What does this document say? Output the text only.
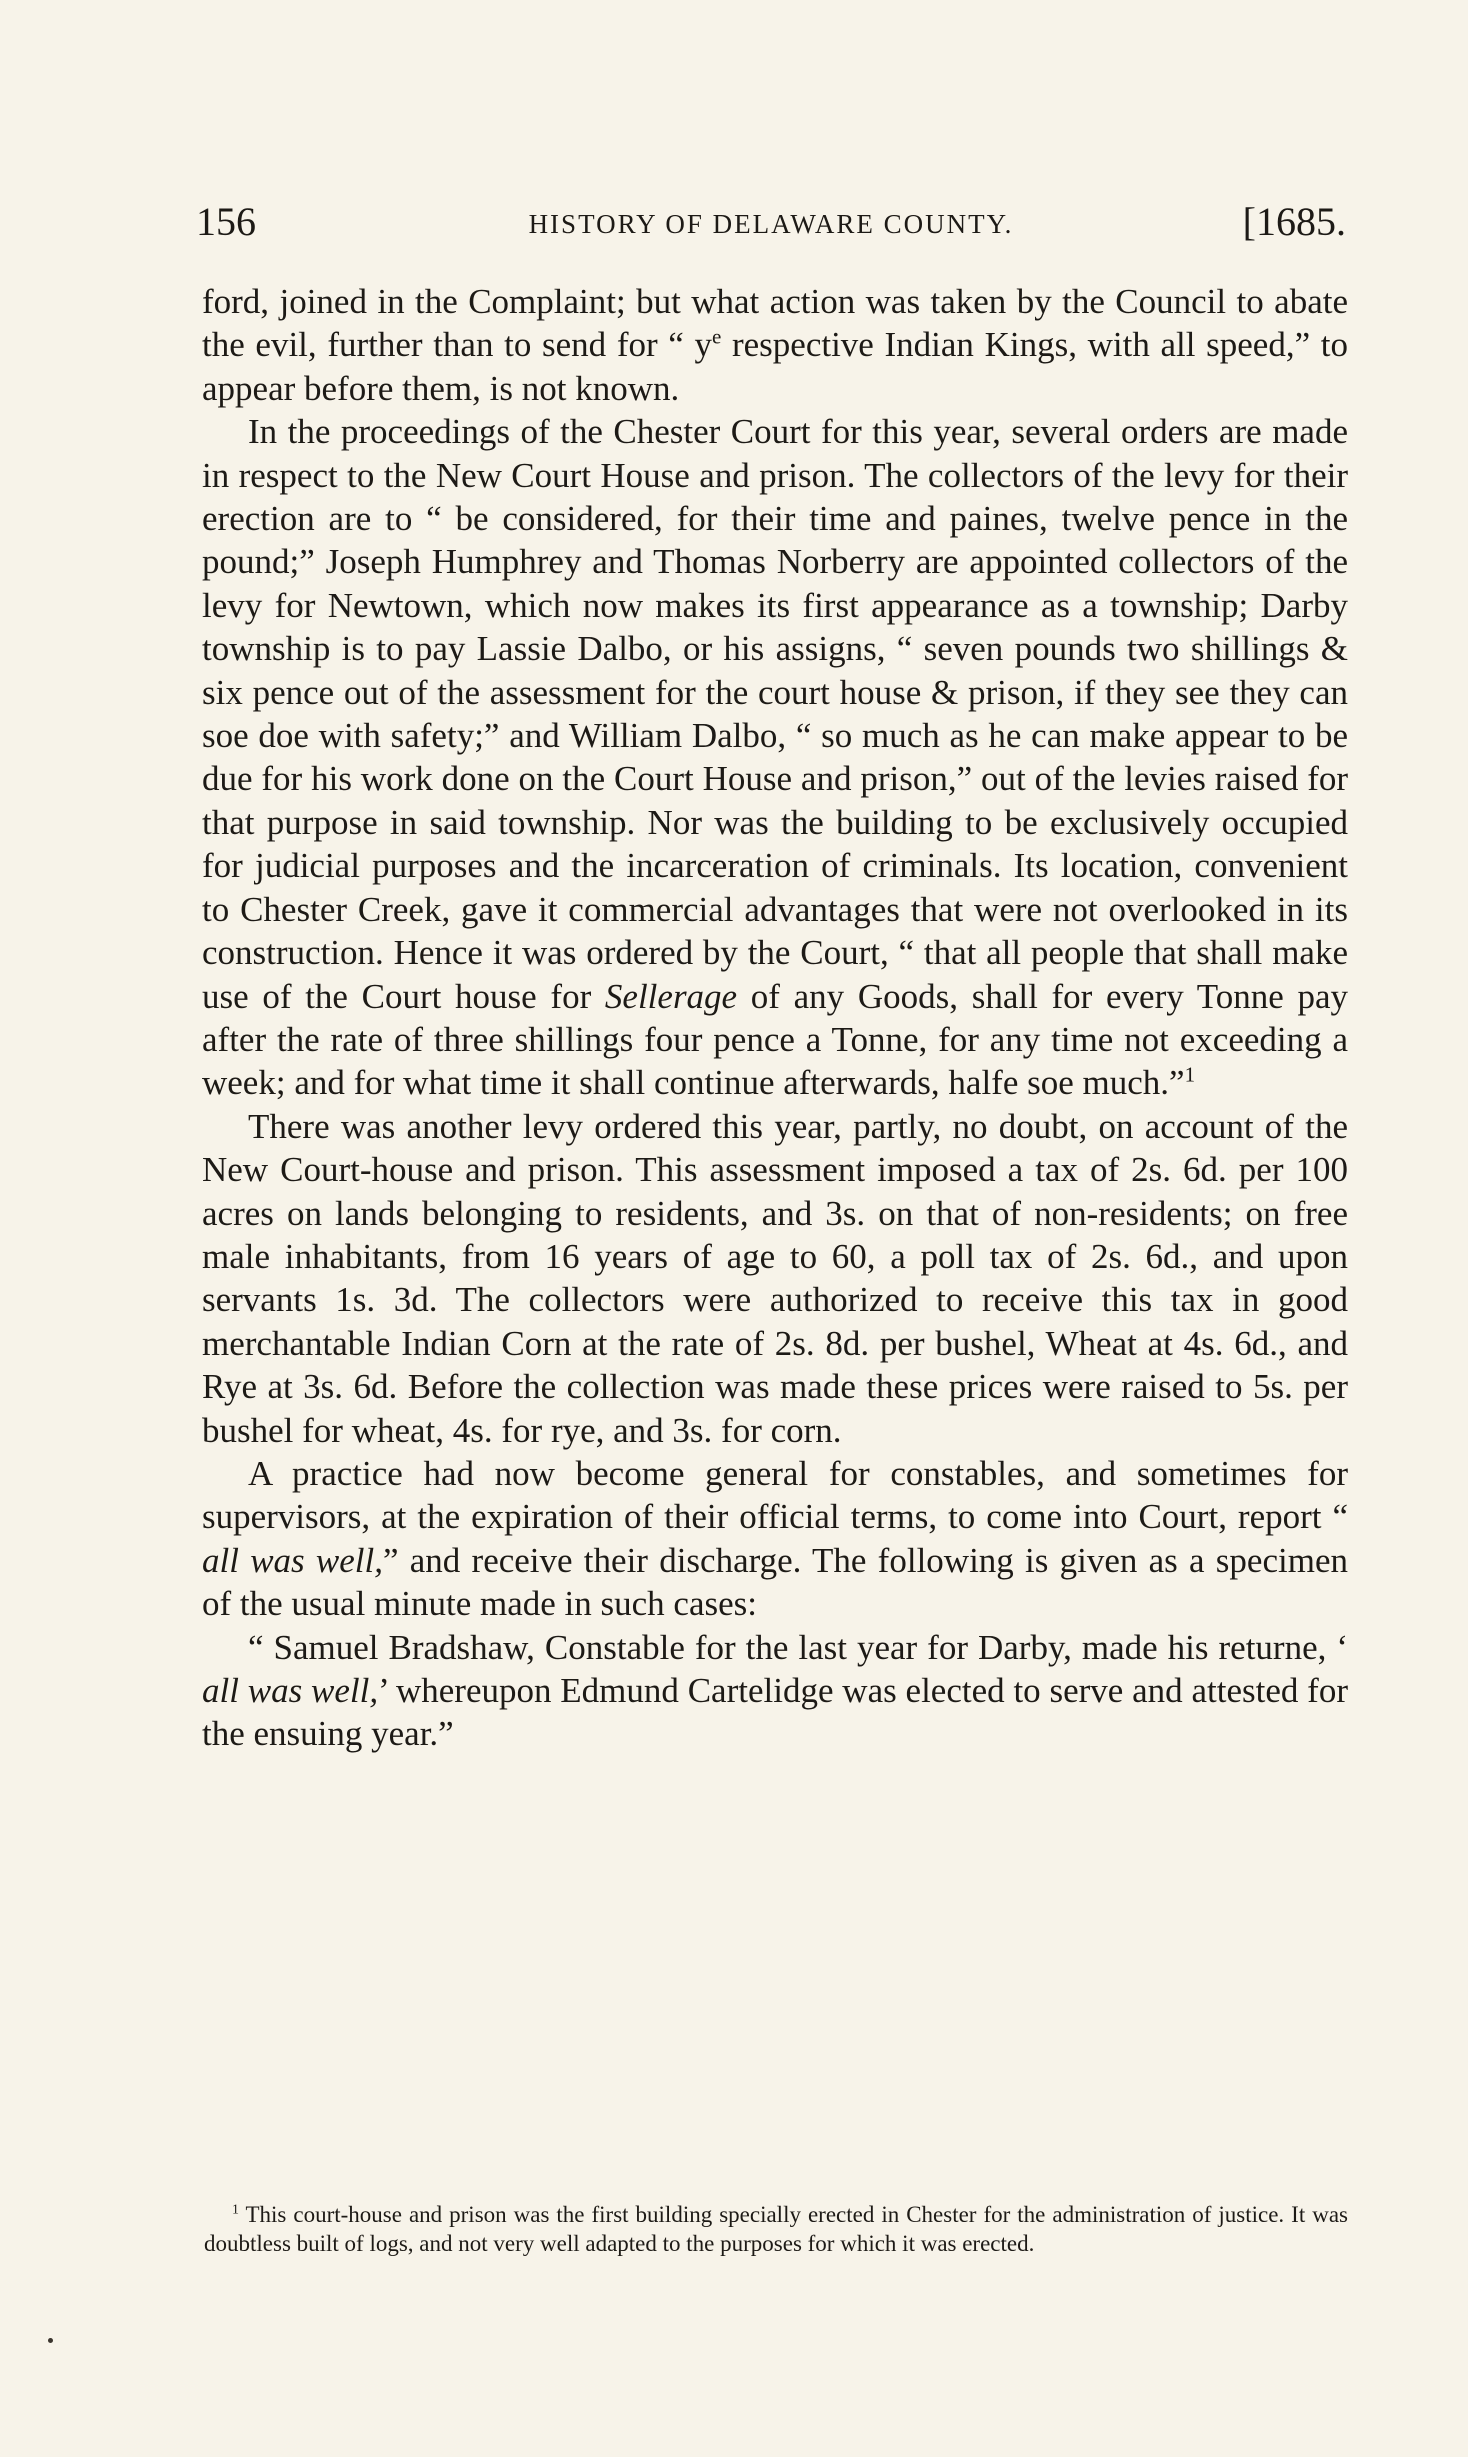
156	HISTORY OF DELAWARE COUNTY.	[1685.

ford, joined in the Complaint; but what action was taken by the Council to abate the evil, further than to send for “ $y^e$ respective Indian Kings, with all speed,” to appear before them, is not known.

In the proceedings of the Chester Court for this year, several orders are made in respect to the New Court House and prison. The collectors of the levy for their erection are to “ be considered, for their time and paines, twelve pence in the pound;” Joseph Humphrey and Thomas Norberry are appointed collectors of the levy for Newtown, which now makes its first appearance as a township; Darby township is to pay Lassie Dalbo, or his assigns, “ seven pounds two shillings & six pence out of the assessment for the court house & prison, if they see they can soe doe with safety;” and William Dalbo, “ so much as he can make appear to be due for his work done on the Court House and prison,” out of the levies raised for that purpose in said township. Nor was the building to be exclusively occupied for judicial purposes and the incarceration of criminals. Its location, convenient to Chester Creek, gave it commercial advantages that were not overlooked in its construction. Hence it was ordered by the Court, “ that all people that shall make use of the Court house for Sellerage of any Goods, shall for every Tonne pay after the rate of three shillings four pence a Tonne, for any time not exceeding a week; and for what time it shall continue afterwards, halfe soe much.”$^1$

There was another levy ordered this year, partly, no doubt, on account of the New Court-house and prison. This assessment imposed a tax of 2s. 6d. per 100 acres on lands belonging to residents, and 3s. on that of non-residents; on free male inhabitants, from 16 years of age to 60, a poll tax of 2s. 6d., and upon servants 1s. 3d. The collectors were authorized to receive this tax in good merchantable Indian Corn at the rate of 2s. 8d. per bushel, Wheat at 4s. 6d., and Rye at 3s. 6d. Before the collection was made these prices were raised to 5s. per bushel for wheat, 4s. for rye, and 3s. for corn.

A practice had now become general for constables, and sometimes for supervisors, at the expiration of their official terms, to come into Court, report “ all was well,” and receive their discharge. The following is given as a specimen of the usual minute made in such cases:

“ Samuel Bradshaw, Constable for the last year for Darby, made his returne, ‘ all was well,’ whereupon Edmund Cartelidge was elected to serve and attested for the ensuing year.”

$^1$ This court-house and prison was the first building specially erected in Chester for the administration of justice. It was doubtless built of logs, and not very well adapted to the purposes for which it was erected.
